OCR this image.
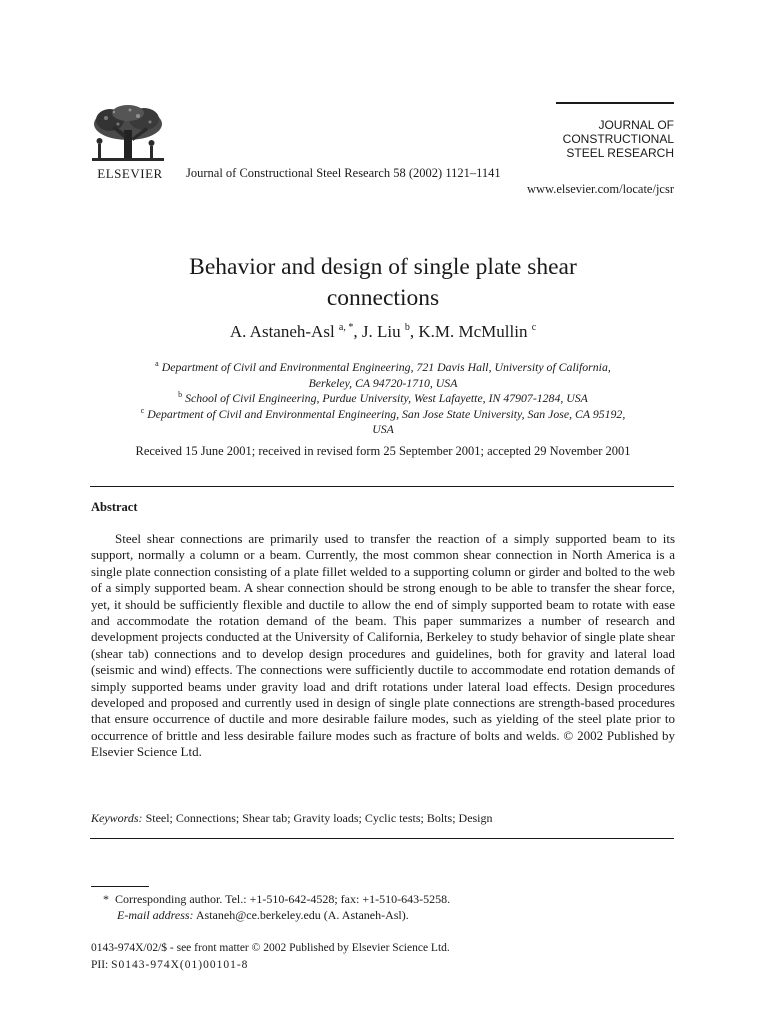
ELSEVIER	Journal of Constructional Steel Research 58 (2002) 1121–1141
JOURNAL OF
CONSTRUCTIONAL
STEEL RESEARCH
www.elsevier.com/locate/jcsr
Behavior and design of single plate shear
connections
A. Astaneh-Asl $^{a, *}$, J. Liu $^b$, K.M. McMullin $^c$
$^a$ Department of Civil and Environmental Engineering, 721 Davis Hall, University of California,
Berkeley, CA 94720-1710, USA
$^b$ School of Civil Engineering, Purdue University, West Lafayette, IN 47907-1284, USA
$^c$ Department of Civil and Environmental Engineering, San Jose State University, San Jose, CA 95192,
USA
Received 15 June 2001; received in revised form 25 September 2001; accepted 29 November 2001
Abstract

Steel shear connections are primarily used to transfer the reaction of a simply supported beam to its support, normally a column or a beam. Currently, the most common shear connection in North America is a single plate connection consisting of a plate fillet welded to a supporting column or girder and bolted to the web of a simply supported beam. A shear connection should be strong enough to be able to transfer the shear force, yet, it should be sufficiently flexible and ductile to allow the end of simply supported beam to rotate with ease and accommodate the rotation demand of the beam. This paper summarizes a number of research and development projects conducted at the University of California, Berkeley to study behavior of single plate shear (shear tab) connections and to develop design procedures and guidelines, both for gravity and lateral load (seismic and wind) effects. The connections were sufficiently ductile to accommodate end rotation demands of simply supported beams under gravity load and drift rotations under lateral load effects. Design procedures developed and proposed and currently used in design of single plate connections are strength-based procedures that ensure occurrence of ductile and more desirable failure modes, such as yielding of the steel plate prior to occurrence of brittle and less desirable failure modes such as fracture of bolts and welds. © 2002 Published by Elsevier Science Ltd.

Keywords: Steel; Connections; Shear tab; Gravity loads; Cyclic tests; Bolts; Design
* Corresponding author. Tel.: +1-510-642-4528; fax: +1-510-643-5258.
E-mail address: Astaneh@ce.berkeley.edu (A. Astaneh-Asl).
0143-974X/02/$ - see front matter © 2002 Published by Elsevier Science Ltd.
PII: S0143-974X(01)00101-8
